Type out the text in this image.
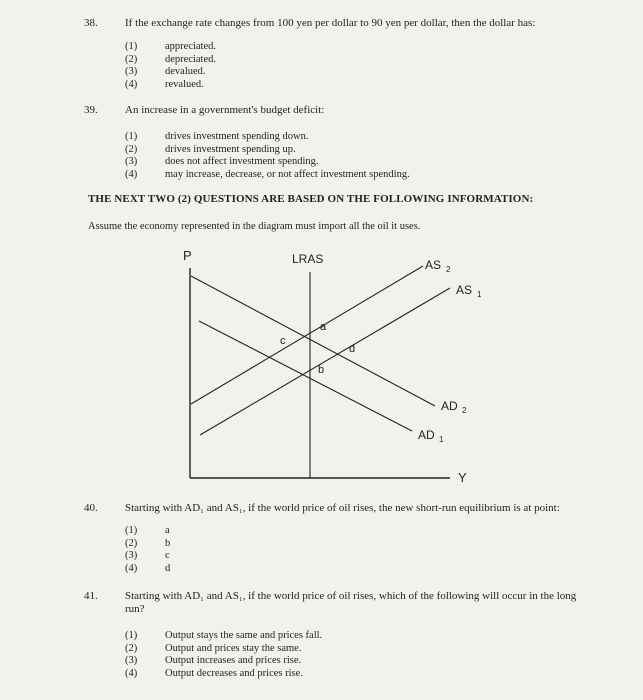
38. If the exchange rate changes from 100 yen per dollar to 90 yen per dollar, then the dollar has:
(1)	appreciated.
(2)	depreciated.
(3)	devalued.
(4)	revalued.
39. An increase in a government's budget deficit:
(1)	drives investment spending down.
(2)	drives investment spending up.
(3)	does not affect investment spending.
(4)	may increase, decrease, or not affect investment spending.
THE NEXT TWO (2) QUESTIONS ARE BASED ON THE FOLLOWING INFORMATION:
Assume the economy represented in the diagram must import all the oil it uses.
P
Y
LRAS	AS 2
AS 1
AD 2
AD 1
a
b
c
d
40. Starting with AD₁ and AS₁, if the world price of oil rises, the new short-run equilibrium is at point:
(1)	a
(2)	b
(3)	c
(4)	d
41. Starting with AD₁ and AS₁, if the world price of oil rises, which of the following will occur in the long
run?
(1)	Output stays the same and prices fall.
(2)	Output and prices stay the same.
(3)	Output increases and prices rise.
(4)	Output decreases and prices rise.
